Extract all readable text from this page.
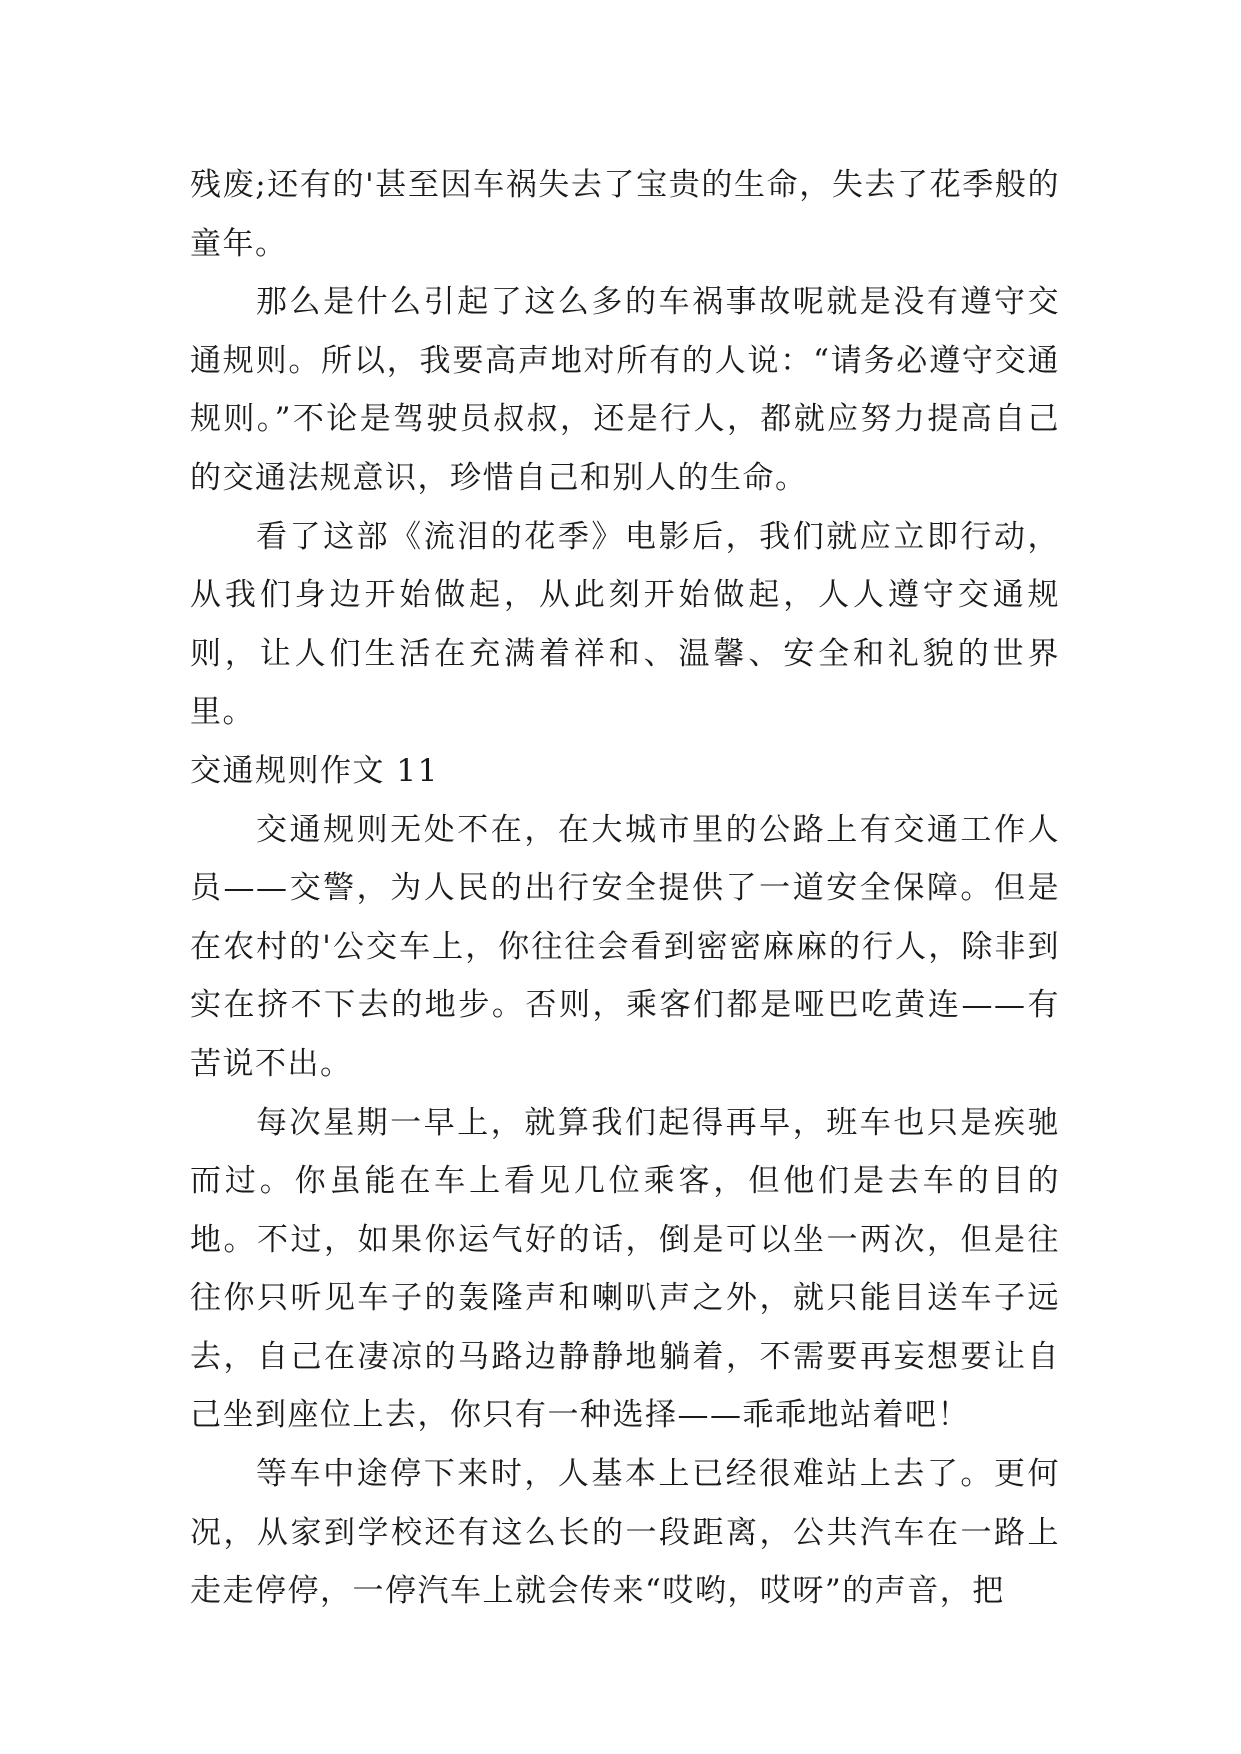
残废;还有的'甚至因车祸失去了宝贵的生命，失去了花季般的童年。

那么是什么引起了这么多的车祸事故呢就是没有遵守交通规则。所以，我要高声地对所有的人说：“请务必遵守交通规则。”不论是驾驶员叔叔，还是行人，都就应努力提高自己的交通法规意识，珍惜自己和别人的生命。

看了这部《流泪的花季》电影后，我们就应立即行动，从我们身边开始做起，从此刻开始做起，人人遵守交通规则，让人们生活在充满着祥和、温馨、安全和礼貌的世界里。

交通规则作文 11

交通规则无处不在，在大城市里的公路上有交通工作人员——交警，为人民的出行安全提供了一道安全保障。但是在农村的'公交车上，你往往会看到密密麻麻的行人，除非到实在挤不下去的地步。否则，乘客们都是哑巴吃黄连——有苦说不出。

每次星期一早上，就算我们起得再早，班车也只是疾驰而过。你虽能在车上看见几位乘客，但他们是去车的目的地。不过，如果你运气好的话，倒是可以坐一两次，但是往往你只听见车子的轰隆声和喇叭声之外，就只能目送车子远去，自己在凄凉的马路边静静地躺着，不需要再妄想要让自己坐到座位上去，你只有一种选择——乖乖地站着吧！

等车中途停下来时，人基本上已经很难站上去了。更何况，从家到学校还有这么长的一段距离，公共汽车在一路上走走停停，一停汽车上就会传来“哎哟，哎呀”的声音，把
